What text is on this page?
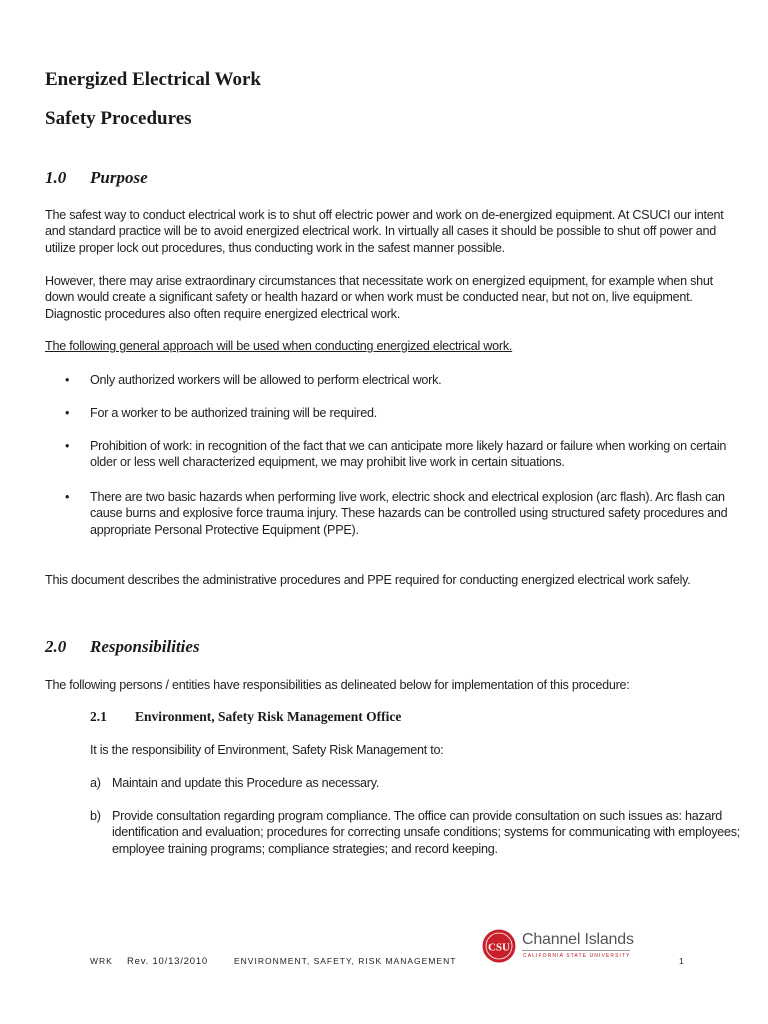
Energized Electrical Work
Safety Procedures
1.0 Purpose

The safest way to conduct electrical work is to shut off electric power and work on de-energized equipment. At CSUCI our intent and standard practice will be to avoid energized electrical work. In virtually all cases it should be possible to shut off power and utilize proper lock out procedures, thus conducting work in the safest manner possible.

However, there may arise extraordinary circumstances that necessitate work on energized equipment, for example when shut down would create a significant safety or health hazard or when work must be conducted near, but not on, live equipment. Diagnostic procedures also often require energized electrical work.

The following general approach will be used when conducting energized electrical work.

• Only authorized workers will be allowed to perform electrical work.
• For a worker to be authorized training will be required.
• Prohibition of work: in recognition of the fact that we can anticipate more likely hazard or failure when working on certain older or less well characterized equipment, we may prohibit live work in certain situations.
• There are two basic hazards when performing live work, electric shock and electrical explosion (arc flash). Arc flash can cause burns and explosive force trauma injury. These hazards can be controlled using structured safety procedures and appropriate Personal Protective Equipment (PPE).

This document describes the administrative procedures and PPE required for conducting energized electrical work safely.

2.0 Responsibilities

The following persons / entities have responsibilities as delineated below for implementation of this procedure:

2.1 Environment, Safety Risk Management Office

It is the responsibility of Environment, Safety Risk Management to:

a) Maintain and update this Procedure as necessary.
b) Provide consultation regarding program compliance. The office can provide consultation on such issues as: hazard identification and evaluation; procedures for correcting unsafe conditions; systems for communicating with employees; employee training programs; compliance strategies; and record keeping.
CSU Channel Islands
CALIFORNIA STATE UNIVERSITY
WRK Rev. 10/13/2010	ENVIRONMENT, SAFETY, RISK MANAGEMENT	1
